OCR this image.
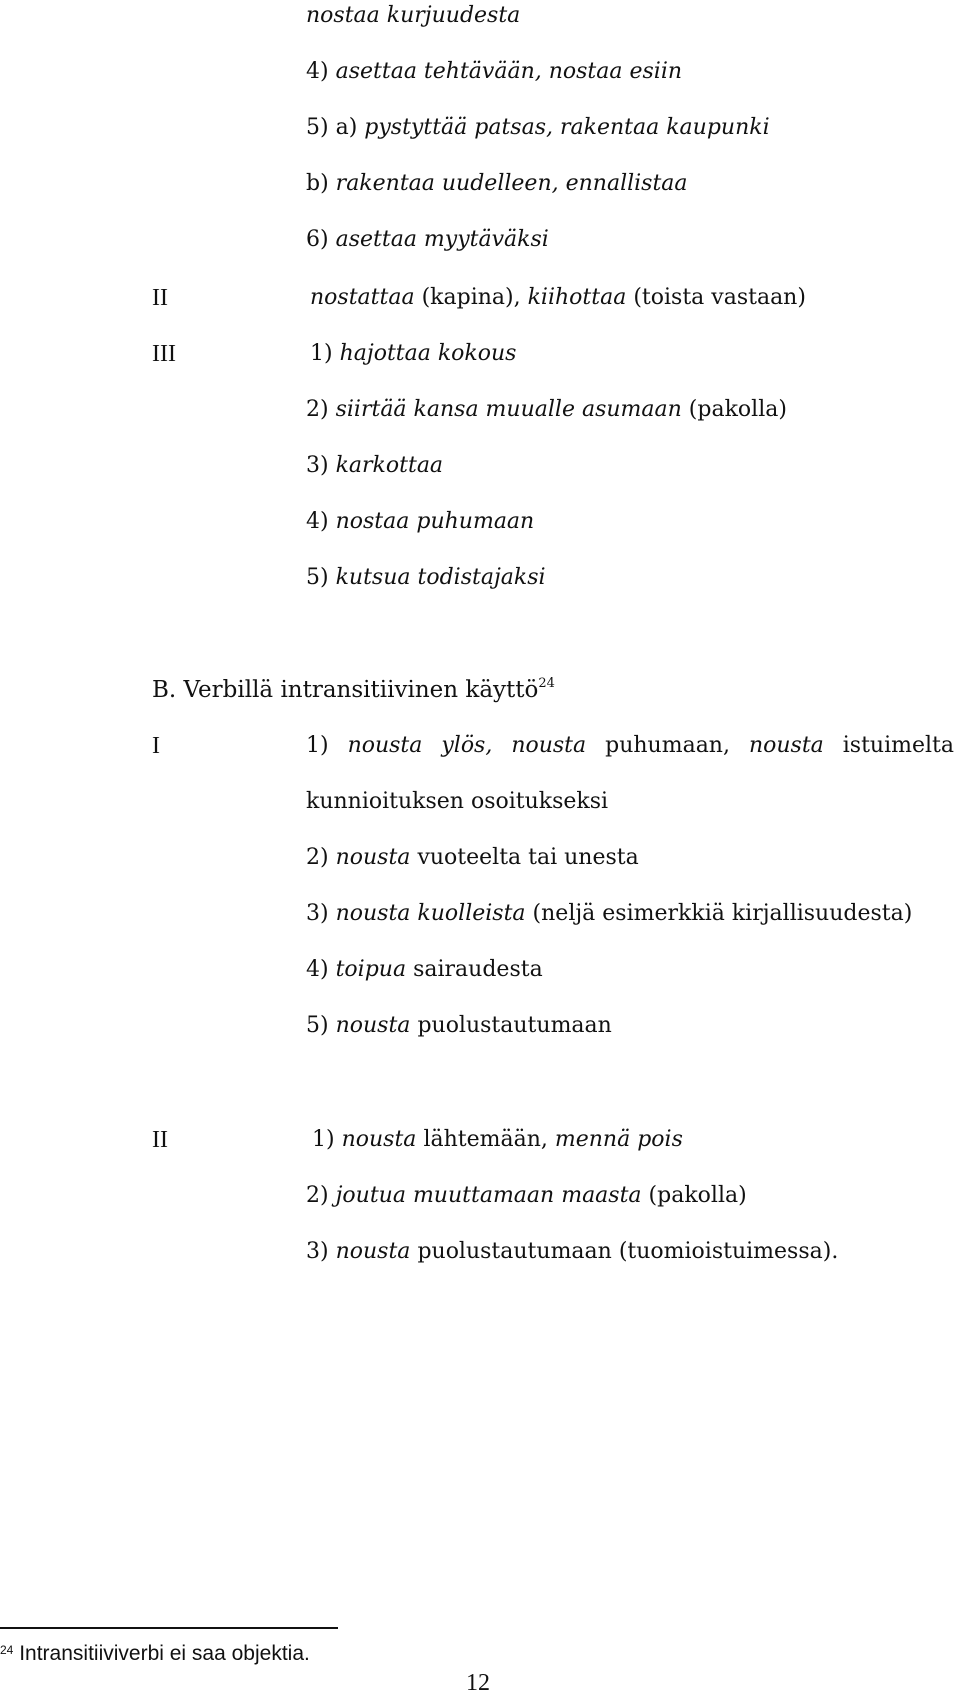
nostaa kurjuudesta
4) asettaa tehtävään, nostaa esiin
5) a) pystyttää patsas, rakentaa kaupunki
b) rakentaa uudelleen, ennallistaa
6) asettaa myytäväksi
II	nostattaa (kapina), kiihottaa (toista vastaan)
III	1) hajottaa kokous
2) siirtää kansa muualle asumaan (pakolla)
3) karkottaa
4) nostaa puhumaan
5) kutsua todistajaksi
B. Verbillä intransitiivinen käyttö$^{24}$
I	1) nousta ylös, nousta puhumaan, nousta istuimelta
kunnioituksen osoitukseksi
2) nousta vuoteelta tai unesta
3) nousta kuolleista (neljä esimerkkiä kirjallisuudesta)
4) toipua sairaudesta
5) nousta puolustautumaan
II	1) nousta lähtemään, mennä pois
2) joutua muuttamaan maasta (pakolla)
3) nousta puolustautumaan (tuomioistuimessa).
$^{24}$ Intransitiiviverbi ei saa objektia.
12
